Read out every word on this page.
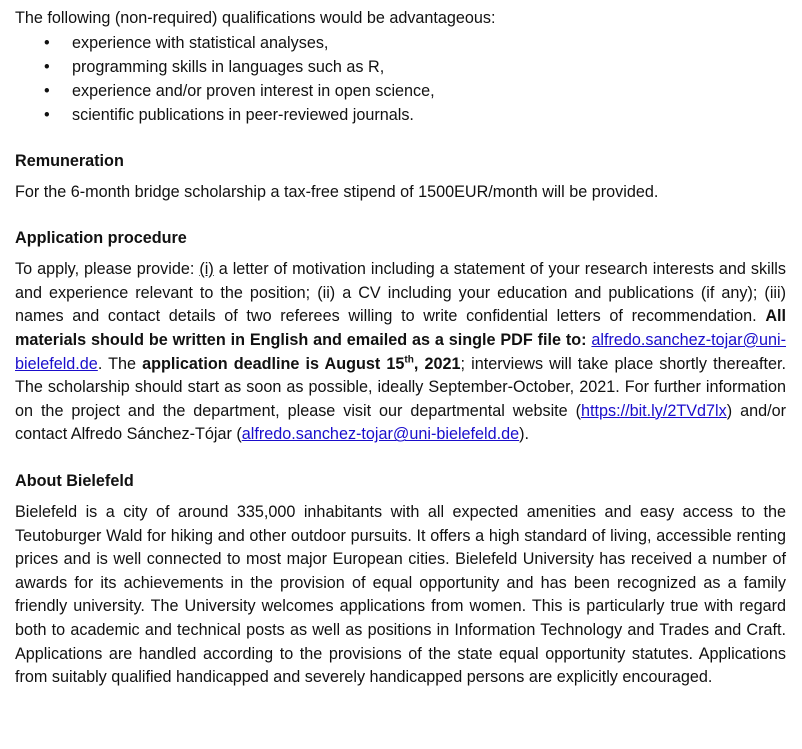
The following (non-required) qualifications would be advantageous:

• experience with statistical analyses,
• programming skills in languages such as R,
• experience and/or proven interest in open science,
• scientific publications in peer-reviewed journals.
Remuneration

For the 6-month bridge scholarship a tax-free stipend of 1500EUR/month will be provided.

Application procedure

To apply, please provide: (i) a letter of motivation including a statement of your research interests and skills and experience relevant to the position; (ii) a CV including your education and publications (if any); (iii) names and contact details of two referees willing to write confidential letters of recommendation. All materials should be written in English and emailed as a single PDF file to: alfredo.sanchez-tojar@uni-bielefeld.de. The application deadline is August 15th, 2021; interviews will take place shortly thereafter. The scholarship should start as soon as possible, ideally September-October, 2021. For further information on the project and the department, please visit our departmental website (https://bit.ly/2TVd7lx) and/or contact Alfredo Sánchez-Tójar (alfredo.sanchez-tojar@uni-bielefeld.de).

About Bielefeld

Bielefeld is a city of around 335,000 inhabitants with all expected amenities and easy access to the Teutoburger Wald for hiking and other outdoor pursuits. It offers a high standard of living, accessible renting prices and is well connected to most major European cities. Bielefeld University has received a number of awards for its achievements in the provision of equal opportunity and has been recognized as a family friendly university. The University welcomes applications from women. This is particularly true with regard both to academic and technical posts as well as positions in Information Technology and Trades and Craft. Applications are handled according to the provisions of the state equal opportunity statutes. Applications from suitably qualified handicapped and severely handicapped persons are explicitly encouraged.
